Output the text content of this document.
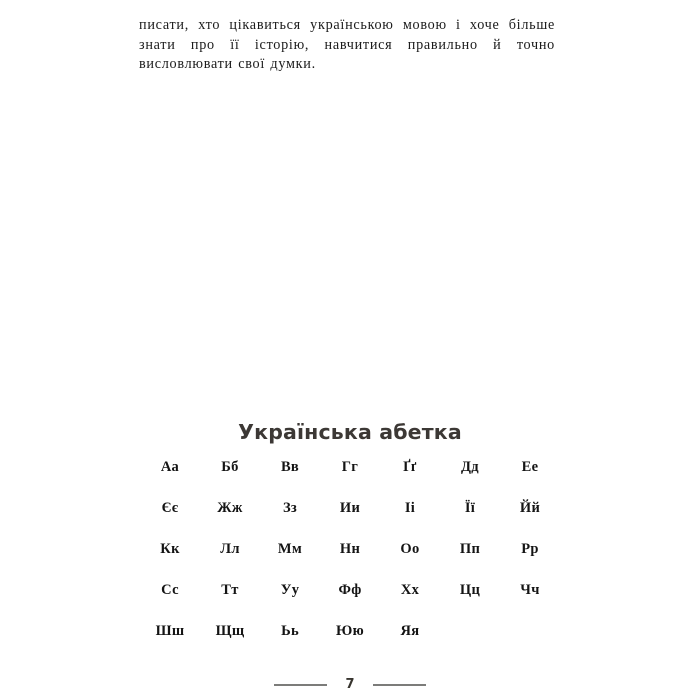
писати, хто цікавиться українською мовою і хоче більше знати про її історію, навчитися правильно й точно висловлювати свої думки.

Українська абетка
Аа	Бб	Вв	Гг	Ґґ	Дд	Ее
Єє	Жж	Зз	Ии	Іі	Її	Йй
Кк	Лл	Мм	Нн	Оо	Пп	Рр
Сс	Тт	Уу	Фф	Хх	Цц	Чч
Шш	Щщ	Ьь	Юю	Яя
7
